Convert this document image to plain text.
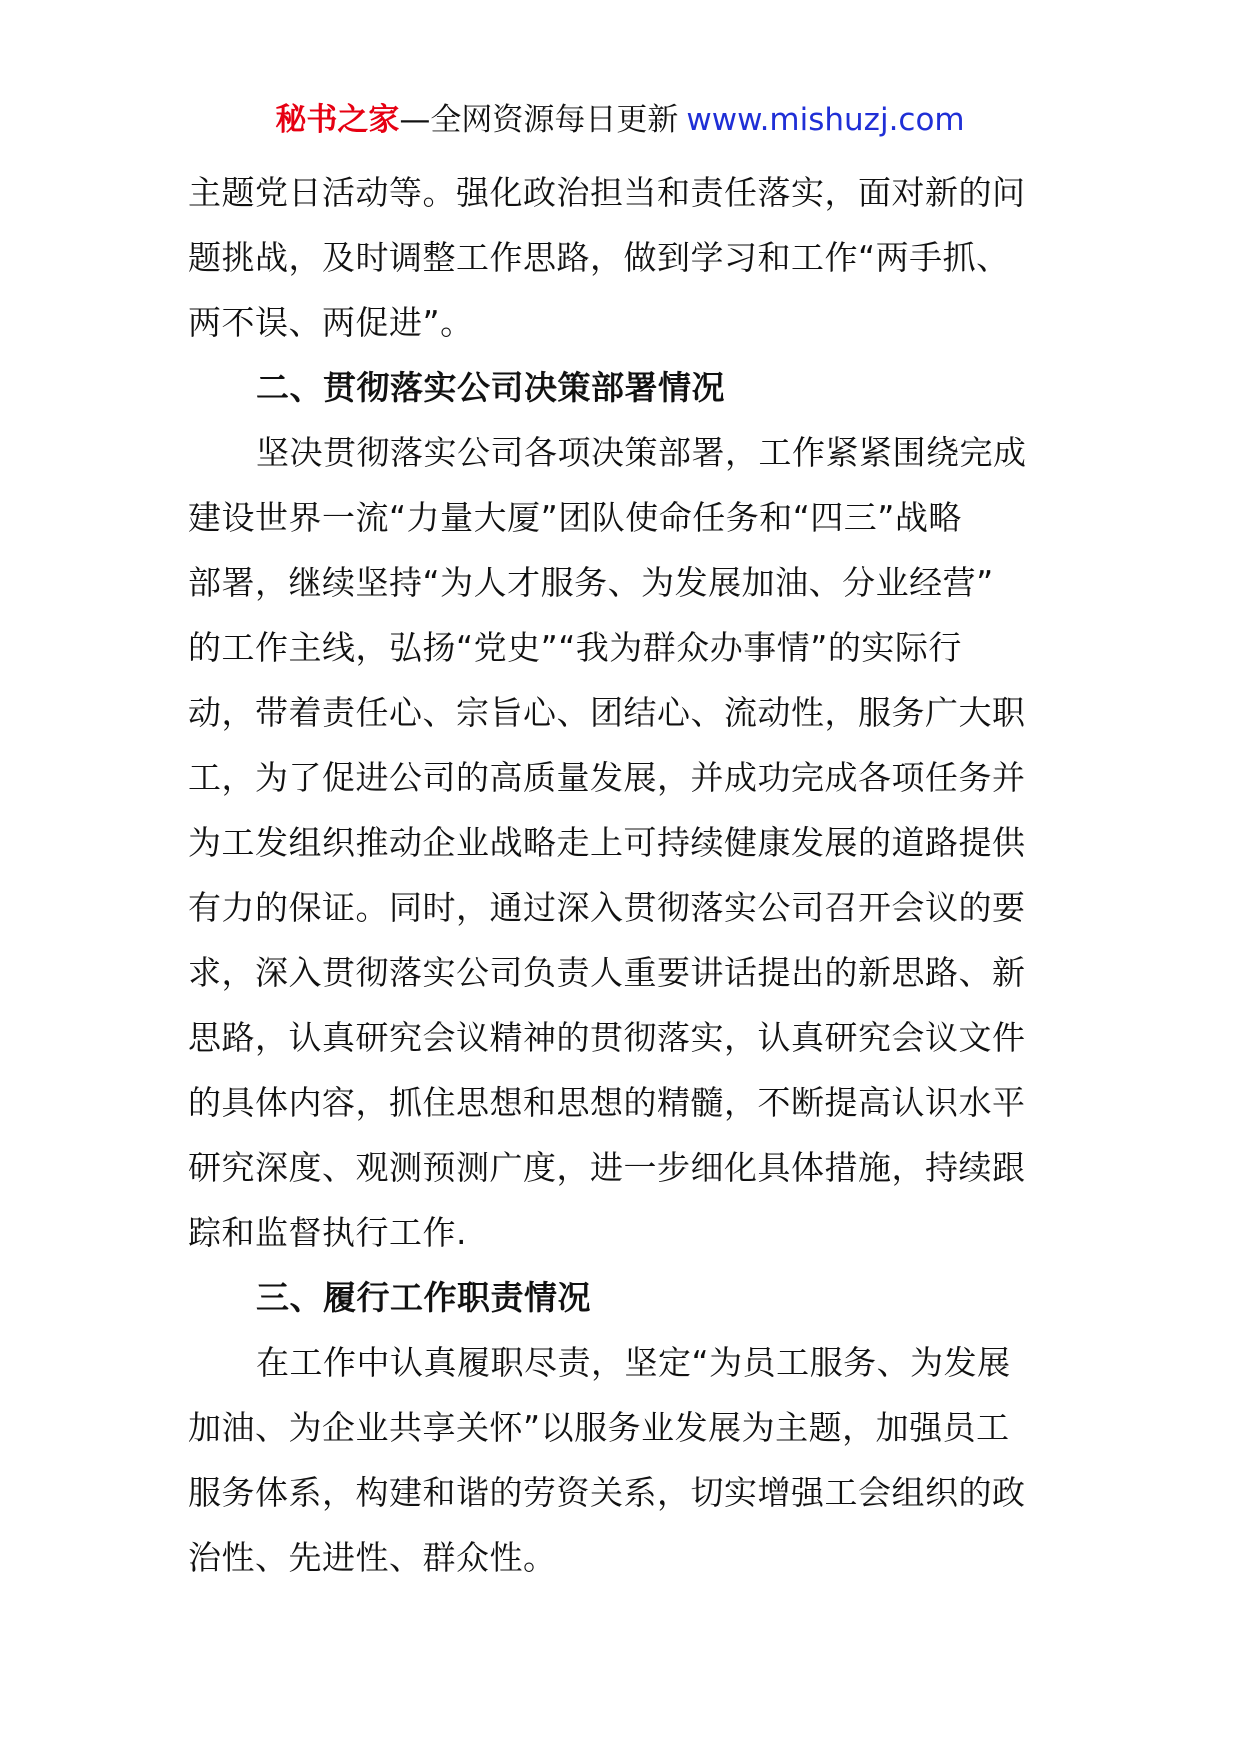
秘书之家—全网资源每日更新 www.mishuzj.com
主题党日活动等。强化政治担当和责任落实，面对新的问
题挑战，及时调整工作思路，做到学习和工作“两手抓、
两不误、两促进”。
二、贯彻落实公司决策部署情况
坚决贯彻落实公司各项决策部署，工作紧紧围绕完成
建设世界一流“力量大厦”团队使命任务和“四三”战略
部署，继续坚持“为人才服务、为发展加油、分业经营”
的工作主线，弘扬“党史”“我为群众办事情”的实际行
动，带着责任心、宗旨心、团结心、流动性，服务广大职
工，为了促进公司的高质量发展，并成功完成各项任务并
为工发组织推动企业战略走上可持续健康发展的道路提供
有力的保证。同时，通过深入贯彻落实公司召开会议的要
求，深入贯彻落实公司负责人重要讲话提出的新思路、新
思路，认真研究会议精神的贯彻落实，认真研究会议文件
的具体内容，抓住思想和思想的精髓，不断提高认识水平
研究深度、观测预测广度，进一步细化具体措施，持续跟
踪和监督执行工作.
三、履行工作职责情况
在工作中认真履职尽责，坚定“为员工服务、为发展
加油、为企业共享关怀”以服务业发展为主题，加强员工
服务体系，构建和谐的劳资关系，切实增强工会组织的政
治性、先进性、群众性。
